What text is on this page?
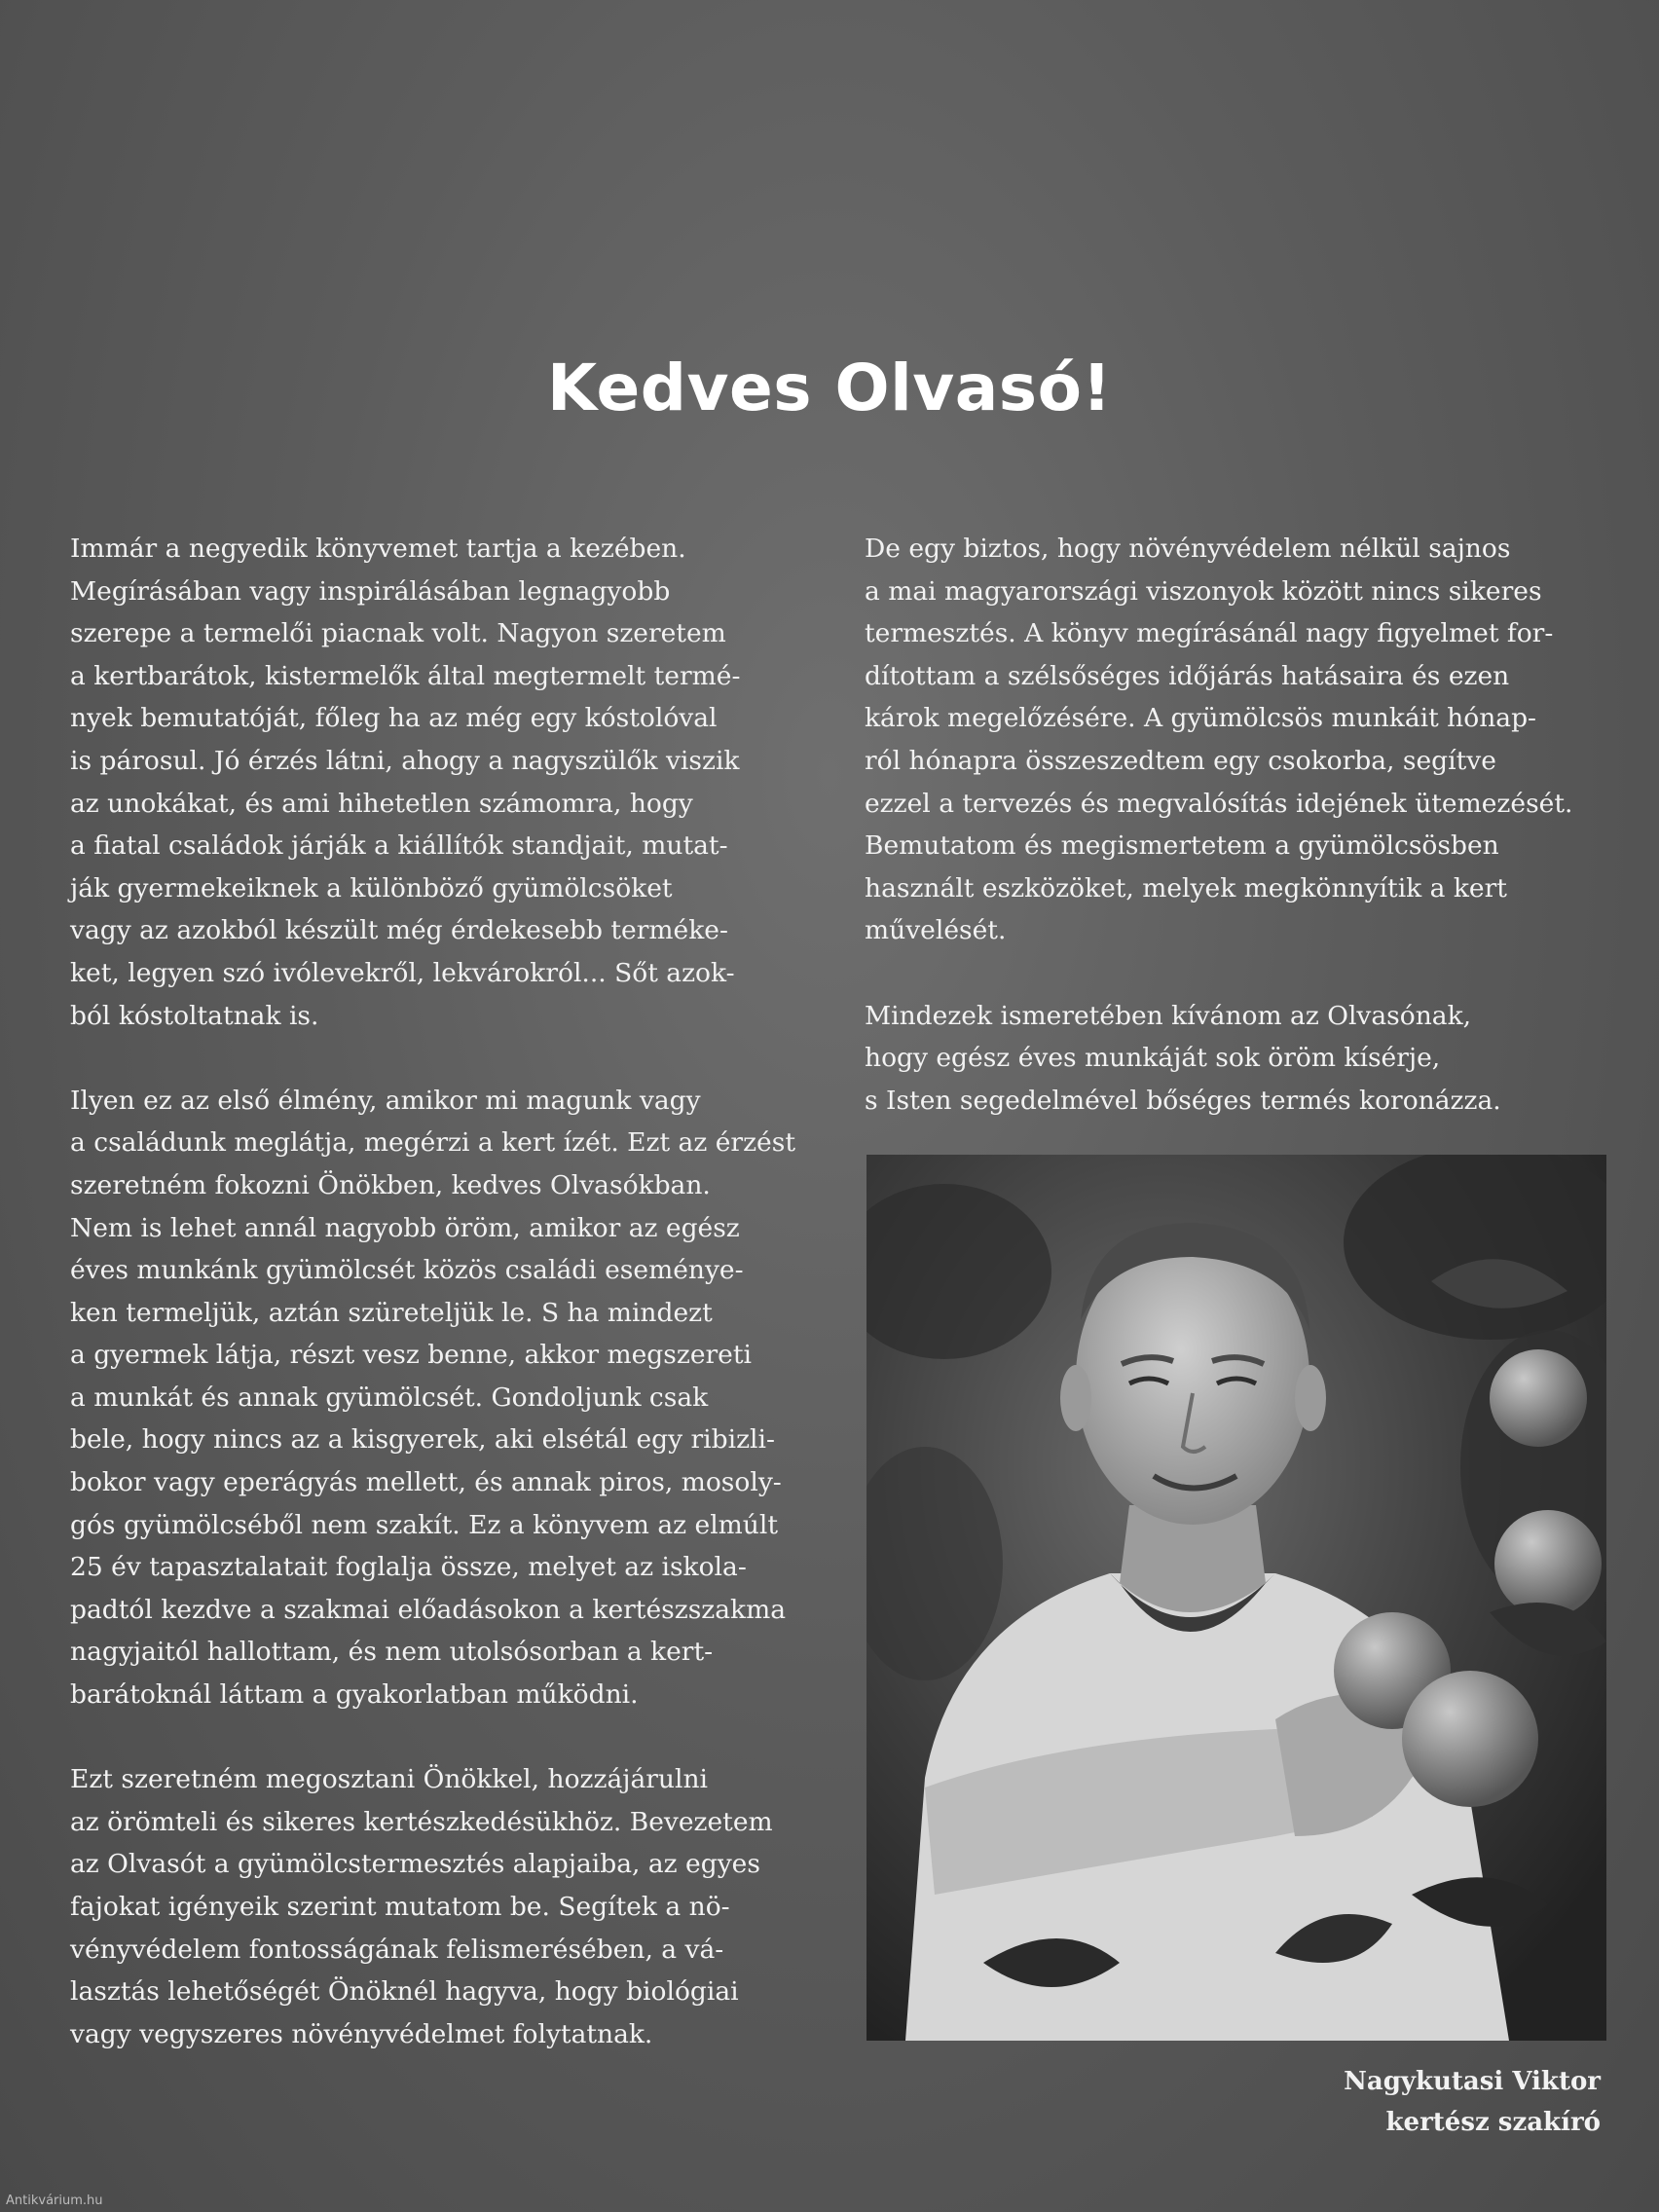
Kedves Olvasó!

Immár a negyedik könyvemet tartja a kezében.
Megírásában vagy inspirálásában legnagyobb
szerepe a termelői piacnak volt. Nagyon szeretem
a kertbarátok, kistermelők által megtermelt termé-
nyek bemutatóját, főleg ha az még egy kóstolóval
is párosul. Jó érzés látni, ahogy a nagyszülők viszik
az unokákat, és ami hihetetlen számomra, hogy
a fiatal családok járják a kiállítók standjait, mutat-
ják gyermekeiknek a különböző gyümölcsöket
vagy az azokból készült még érdekesebb terméke-
ket, legyen szó ivólevekről, lekvárokról... Sőt azok-
ból kóstoltatnak is.

Ilyen ez az első élmény, amikor mi magunk vagy
a családunk meglátja, megérzi a kert ízét. Ezt az érzést
szeretném fokozni Önökben, kedves Olvasókban.
Nem is lehet annál nagyobb öröm, amikor az egész
éves munkánk gyümölcsét közös családi eseménye-
ken termeljük, aztán szüreteljük le. S ha mindezt
a gyermek látja, részt vesz benne, akkor megszereti
a munkát és annak gyümölcsét. Gondoljunk csak
bele, hogy nincs az a kisgyerek, aki elsétál egy ribizli-
bokor vagy eperágyás mellett, és annak piros, mosoly-
gós gyümölcséből nem szakít. Ez a könyvem az elmúlt
25 év tapasztalatait foglalja össze, melyet az iskola-
padtól kezdve a szakmai előadásokon a kertészszakma
nagyjaitól hallottam, és nem utolsósorban a kert-
barátoknál láttam a gyakorlatban működni.

Ezt szeretném megosztani Önökkel, hozzájárulni
az örömteli és sikeres kertészkedésükhöz. Bevezetem
az Olvasót a gyümölcstermesztés alapjaiba, az egyes
fajokat igényeik szerint mutatom be. Segítek a nö-
vényvédelem fontosságának felismerésében, a vá-
lasztás lehetőségét Önöknél hagyva, hogy biológiai
vagy vegyszeres növényvédelmet folytatnak.

De egy biztos, hogy növényvédelem nélkül sajnos
a mai magyarországi viszonyok között nincs sikeres
termesztés. A könyv megírásánál nagy figyelmet for-
dítottam a szélsőséges időjárás hatásaira és ezen
károk megelőzésére. A gyümölcsös munkáit hónap-
ról hónapra összeszedtem egy csokorba, segítve
ezzel a tervezés és megvalósítás idejének ütemezését.
Bemutatom és megismertetem a gyümölcsösben
használt eszközöket, melyek megkönnyítik a kert
művelését.

Mindezek ismeretében kívánom az Olvasónak,
hogy egész éves munkáját sok öröm kísérje,
s Isten segedelmével bőséges termés koronázza.

Nagykutasi Viktor
kertész szakíró
Antikvárium.hu
